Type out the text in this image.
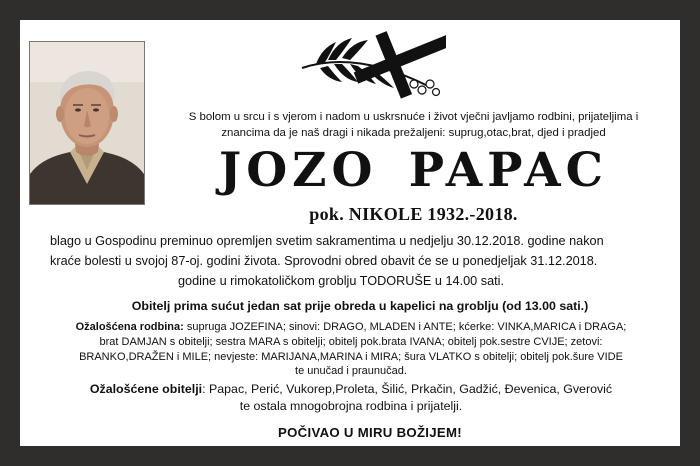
S bolom u srcu i s vjerom i nadom u uskrsnuće i život vječni javljamo rodbini, prijateljima i
znancima da je naš dragi i nikada prežaljeni: suprug,otac,brat, djed i pradjed
JOZO PAPAC
pok. NIKOLE 1932.-2018.
blago u Gospodinu preminuo opremljen svetim sakramentima u nedjelju 30.12.2018. godine nakon
kraće bolesti u svojoj 87-oj. godini života. Sprovodni obred obavit će se u ponedjeljak 31.12.2018.
godine u rimokatoličkom groblju TODORUŠE u 14.00 sati.
Obitelj prima sućut jedan sat prije obreda u kapelici na groblju (od 13.00 sati.)
Ožalošćena rodbina: supruga JOZEFINA; sinovi: DRAGO, MLADEN i ANTE; kćerke: VINKA,MARICA i DRAGA;
brat DAMJAN s obitelji; sestra MARA s obitelji; obitelj pok.brata IVANA; obitelj pok.sestre CVIJE; zetovi:
BRANKO,DRAŽEN i MILE; nevjeste: MARIJANA,MARINA i MIRA; šura VLATKO s obitelji; obitelj pok.šure VIDE
te unučad i praunučad.
Ožalošćene obitelji: Papac, Perić, Vukorep,Proleta, Šilić, Prkačin, Gadžić, Đevenica, Gverović
te ostala mnogobrojna rodbina i prijatelji.
POČIVAO U MIRU BOŽIJEM!
